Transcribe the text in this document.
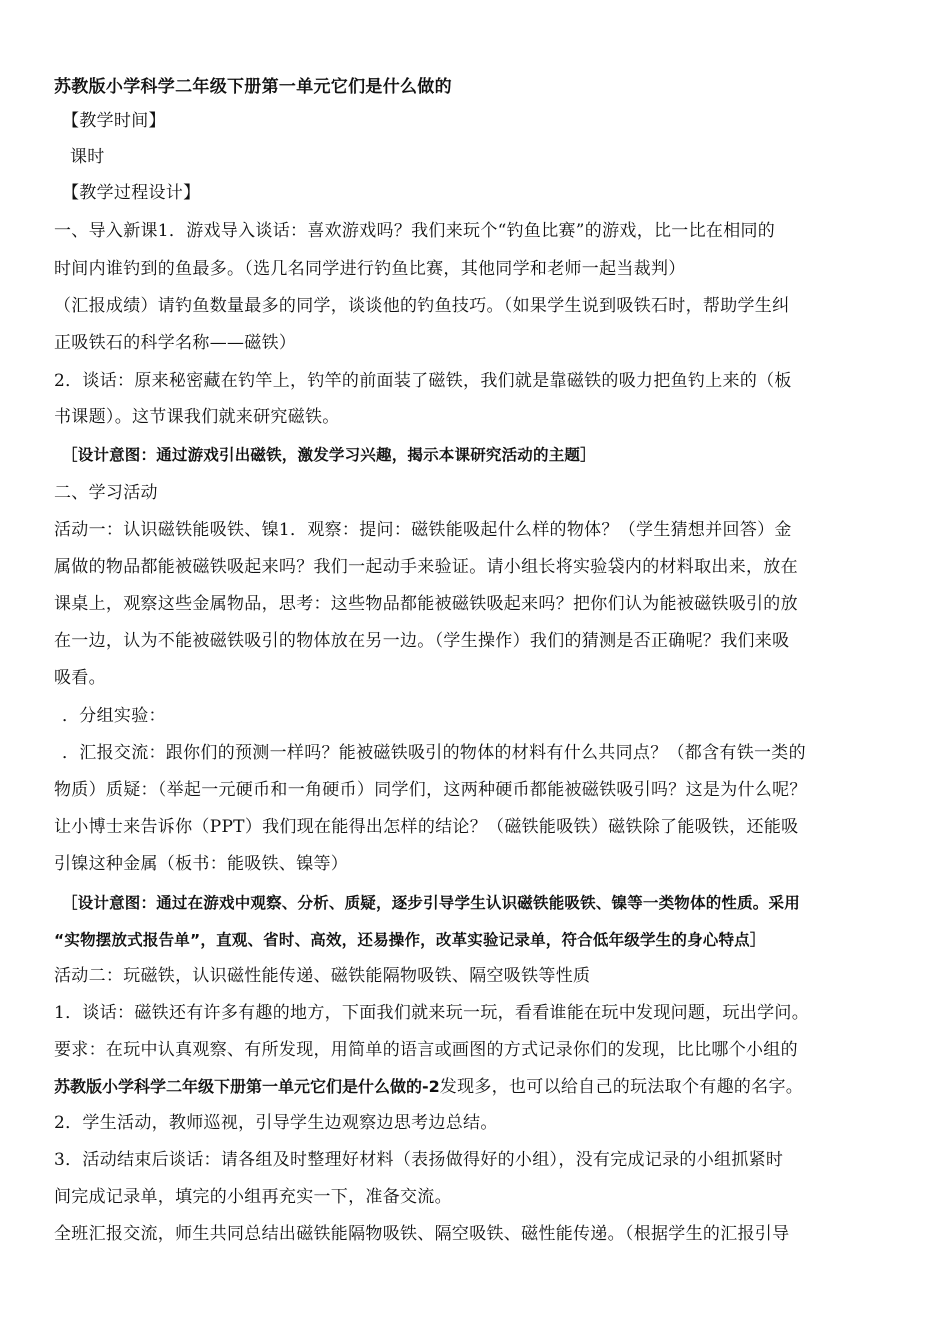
苏教版小学科学二年级下册第一单元它们是什么做的
【教学时间】
课时
【教学过程设计】
一、导入新课1．游戏导入谈话：喜欢游戏吗？我们来玩个“钓鱼比赛”的游戏，比一比在相同的
时间内谁钓到的鱼最多。（选几名同学进行钓鱼比赛，其他同学和老师一起当裁判）
（汇报成绩）请钓鱼数量最多的同学，谈谈他的钓鱼技巧。（如果学生说到吸铁石时，帮助学生纠
正吸铁石的科学名称——磁铁）
2．谈话：原来秘密藏在钓竿上，钓竿的前面装了磁铁，我们就是靠磁铁的吸力把鱼钓上来的（板
书课题）。这节课我们就来研究磁铁。
［设计意图：通过游戏引出磁铁，激发学习兴趣，揭示本课研究活动的主题］
二、学习活动
活动一：认识磁铁能吸铁、镍1．观察：提问：磁铁能吸起什么样的物体？（学生猜想并回答）金
属做的物品都能被磁铁吸起来吗？我们一起动手来验证。请小组长将实验袋内的材料取出来，放在
课桌上，观察这些金属物品，思考：这些物品都能被磁铁吸起来吗？把你们认为能被磁铁吸引的放
在一边，认为不能被磁铁吸引的物体放在另一边。（学生操作）我们的猜测是否正确呢？我们来吸
吸看。
．分组实验：
．汇报交流：跟你们的预测一样吗？能被磁铁吸引的物体的材料有什么共同点？（都含有铁一类的
物质）质疑：（举起一元硬币和一角硬币）同学们，这两种硬币都能被磁铁吸引吗？这是为什么呢？
让小博士来告诉你（PPT）我们现在能得出怎样的结论？（磁铁能吸铁）磁铁除了能吸铁，还能吸
引镍这种金属（板书：能吸铁、镍等）
［设计意图：通过在游戏中观察、分析、质疑，逐步引导学生认识磁铁能吸铁、镍等一类物体的性质。采用
“实物摆放式报告单”，直观、省时、高效，还易操作，改革实验记录单，符合低年级学生的身心特点］
活动二：玩磁铁，认识磁性能传递、磁铁能隔物吸铁、隔空吸铁等性质
1．谈话：磁铁还有许多有趣的地方，下面我们就来玩一玩，看看谁能在玩中发现问题，玩出学问。
要求：在玩中认真观察、有所发现，用简单的语言或画图的方式记录你们的发现，比比哪个小组的
苏教版小学科学二年级下册第一单元它们是什么做的-2发现多，也可以给自己的玩法取个有趣的名字。
2．学生活动，教师巡视，引导学生边观察边思考边总结。
3．活动结束后谈话：请各组及时整理好材料（表扬做得好的小组），没有完成记录的小组抓紧时
间完成记录单，填完的小组再充实一下，准备交流。
全班汇报交流，师生共同总结出磁铁能隔物吸铁、隔空吸铁、磁性能传递。（根据学生的汇报引导
